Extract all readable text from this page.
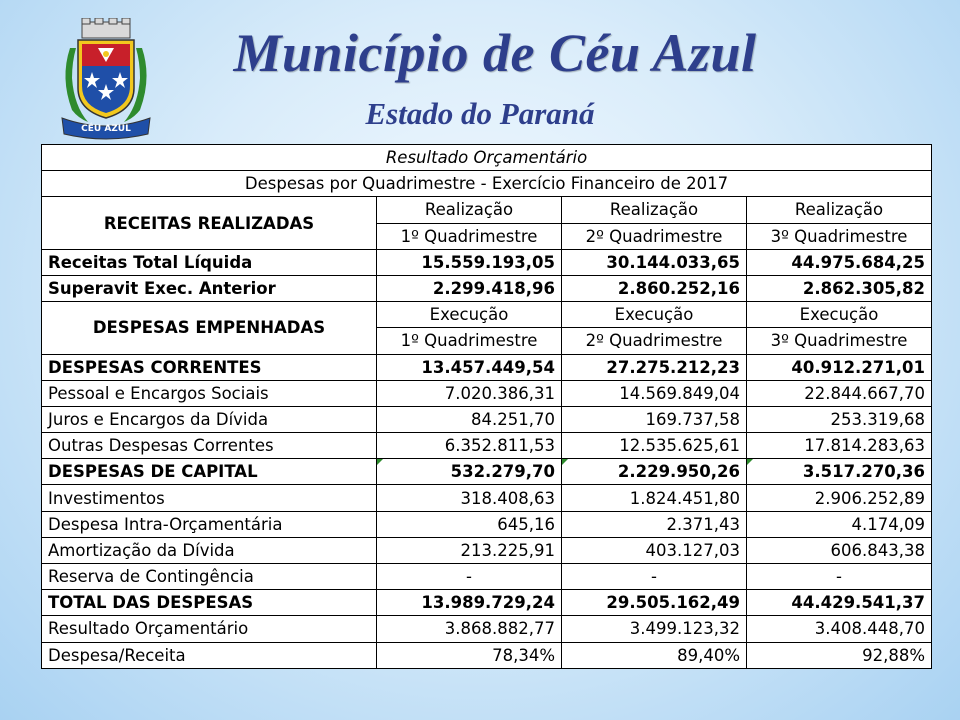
CÉU AZUL
Município de Céu Azul
Estado do Paraná
Resultado Orçamentário			
Despesas por Quadrimestre - Exercício Financeiro de 2017			
RECEITAS REALIZADAS	Realização	Realização	Realização
	1º Quadrimestre	2º Quadrimestre	3º Quadrimestre
Receitas Total Líquida	15.559.193,05	30.144.033,65	44.975.684,25
Superavit Exec. Anterior	2.299.418,96	2.860.252,16	2.862.305,82
DESPESAS EMPENHADAS	Execução	Execução	Execução
	1º Quadrimestre	2º Quadrimestre	3º Quadrimestre
DESPESAS CORRENTES	13.457.449,54	27.275.212,23	40.912.271,01
Pessoal e Encargos Sociais	7.020.386,31	14.569.849,04	22.844.667,70
Juros e Encargos da Dívida	84.251,70	169.737,58	253.319,68
Outras Despesas Correntes	6.352.811,53	12.535.625,61	17.814.283,63
DESPESAS DE CAPITAL	532.279,70	2.229.950,26	3.517.270,36
Investimentos	318.408,63	1.824.451,80	2.906.252,89
Despesa Intra-Orçamentária	645,16	2.371,43	4.174,09
Amortização da Dívida	213.225,91	403.127,03	606.843,38
Reserva de Contingência	-	-	-
TOTAL DAS DESPESAS	13.989.729,24	29.505.162,49	44.429.541,37
Resultado Orçamentário	3.868.882,77	3.499.123,32	3.408.448,70
Despesa/Receita	78,34%	89,40%	92,88%
